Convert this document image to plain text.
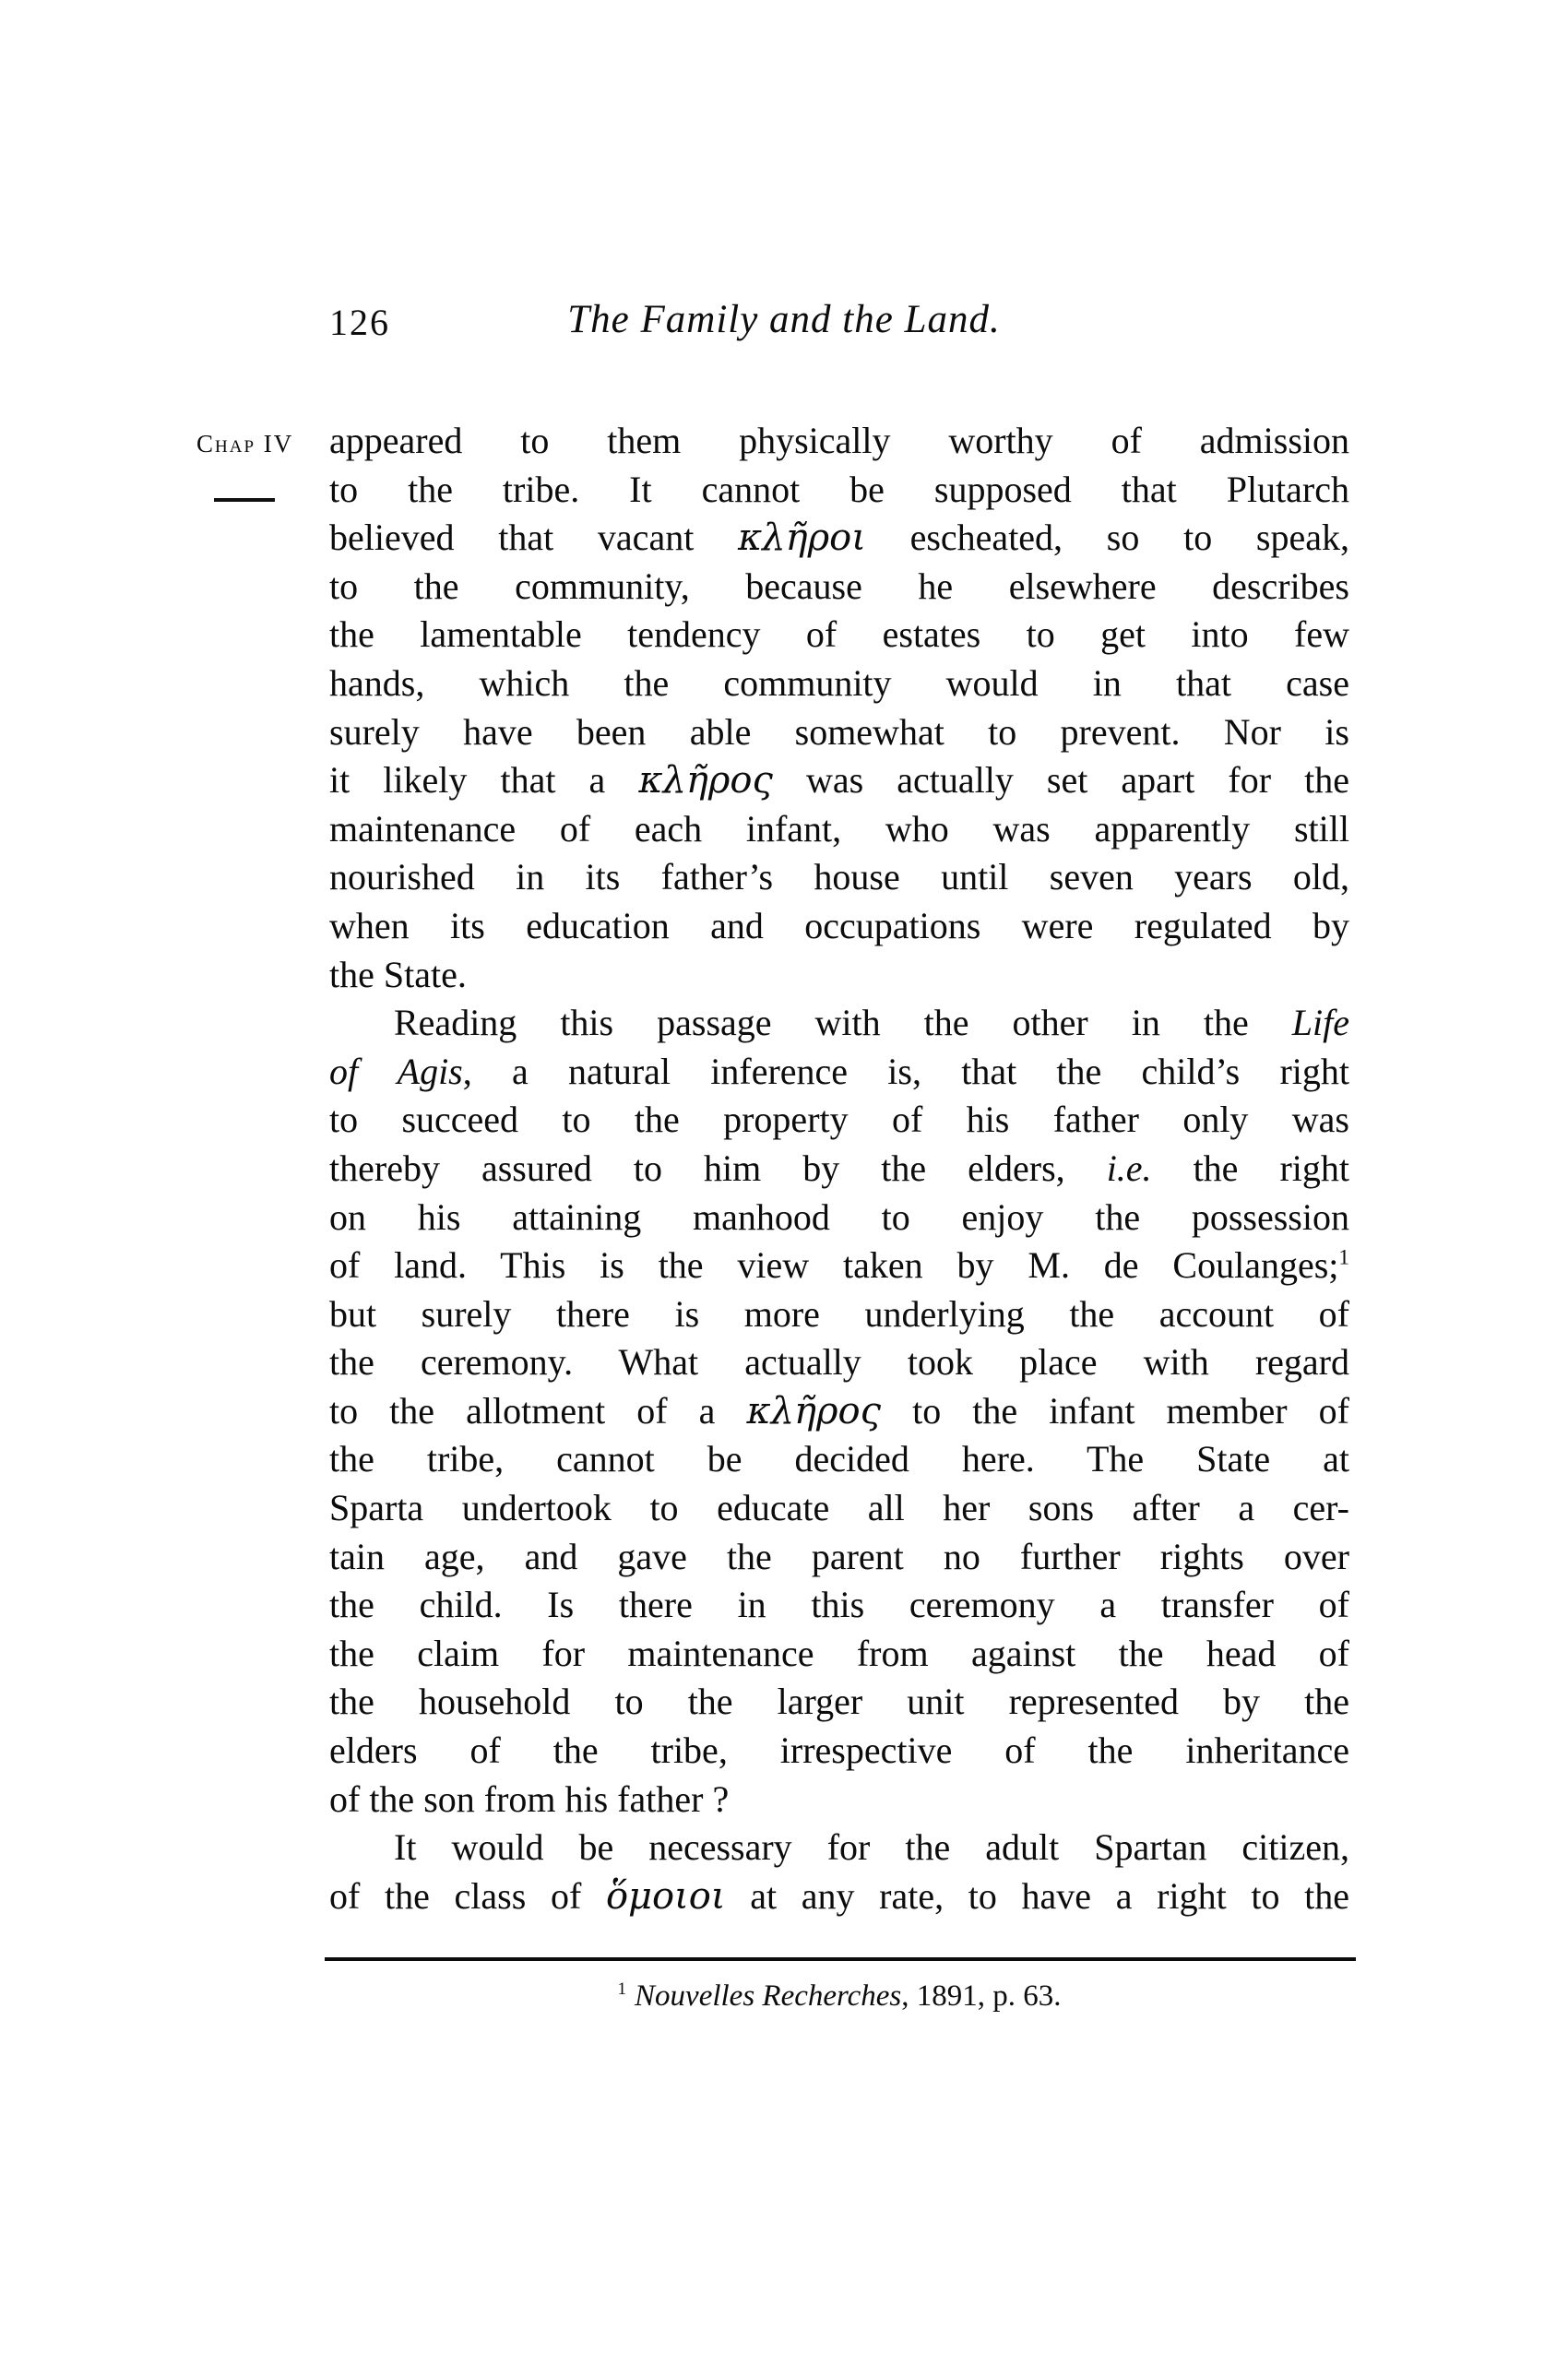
126	The Family and the Land.
Chap IV appeared to them physically worthy of admission
to the tribe. It cannot be supposed that Plutarch
believed that vacant κλῆροι escheated, so to speak,
to the community, because he elsewhere describes
the lamentable tendency of estates to get into few
hands, which the community would in that case
surely have been able somewhat to prevent. Nor is
it likely that a κλῆρος was actually set apart for the
maintenance of each infant, who was apparently still
nourished in its father’s house until seven years old,
when its education and occupations were regulated by
the State.
Reading this passage with the other in the Life
of Agis, a natural inference is, that the child’s right
to succeed to the property of his father only was
thereby assured to him by the elders, i.e. the right
on his attaining manhood to enjoy the possession
of land. This is the view taken by M. de Coulanges;$^1$
but surely there is more underlying the account of
the ceremony. What actually took place with regard
to the allotment of a κλῆρος to the infant member of
the tribe, cannot be decided here. The State at
Sparta undertook to educate all her sons after a cer-
tain age, and gave the parent no further rights over
the child. Is there in this ceremony a transfer of
the claim for maintenance from against the head of
the household to the larger unit represented by the
elders of the tribe, irrespective of the inheritance
of the son from his father ?
It would be necessary for the adult Spartan citizen,
of the class of ὅμοιοι at any rate, to have a right to the
$^1$ Nouvelles Recherches, 1891, p. 63.
